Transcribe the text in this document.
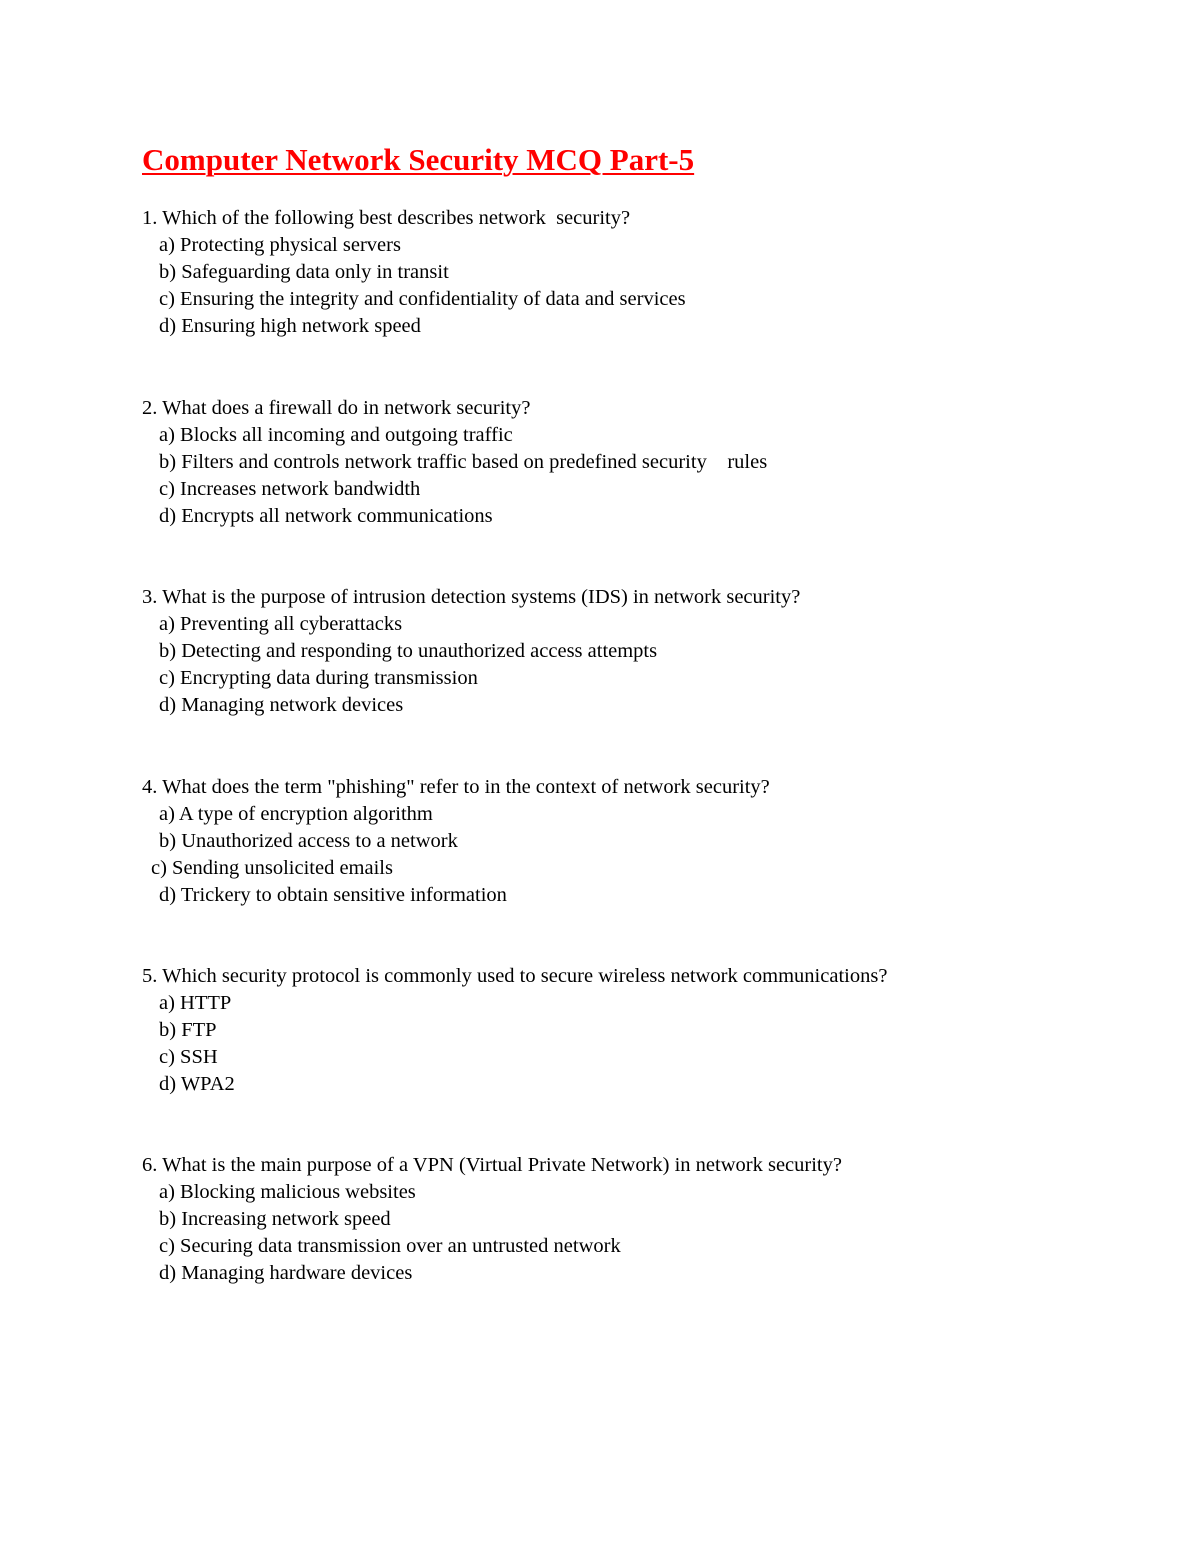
Computer Network Security MCQ Part-5
1. Which of the following best describes network  security?
a) Protecting physical servers
b) Safeguarding data only in transit
c) Ensuring the integrity and confidentiality of data and services
d) Ensuring high network speed
2. What does a firewall do in network security?
a) Blocks all incoming and outgoing traffic
b) Filters and controls network traffic based on predefined security    rules
c) Increases network bandwidth
d) Encrypts all network communications
3. What is the purpose of intrusion detection systems (IDS) in network security?
a) Preventing all cyberattacks
b) Detecting and responding to unauthorized access attempts
c) Encrypting data during transmission
d) Managing network devices
4. What does the term "phishing" refer to in the context of network security?
a) A type of encryption algorithm
b) Unauthorized access to a network
c) Sending unsolicited emails
d) Trickery to obtain sensitive information
5. Which security protocol is commonly used to secure wireless network communications?
a) HTTP
b) FTP
c) SSH
d) WPA2
6. What is the main purpose of a VPN (Virtual Private Network) in network security?
a) Blocking malicious websites
b) Increasing network speed
c) Securing data transmission over an untrusted network
d) Managing hardware devices
